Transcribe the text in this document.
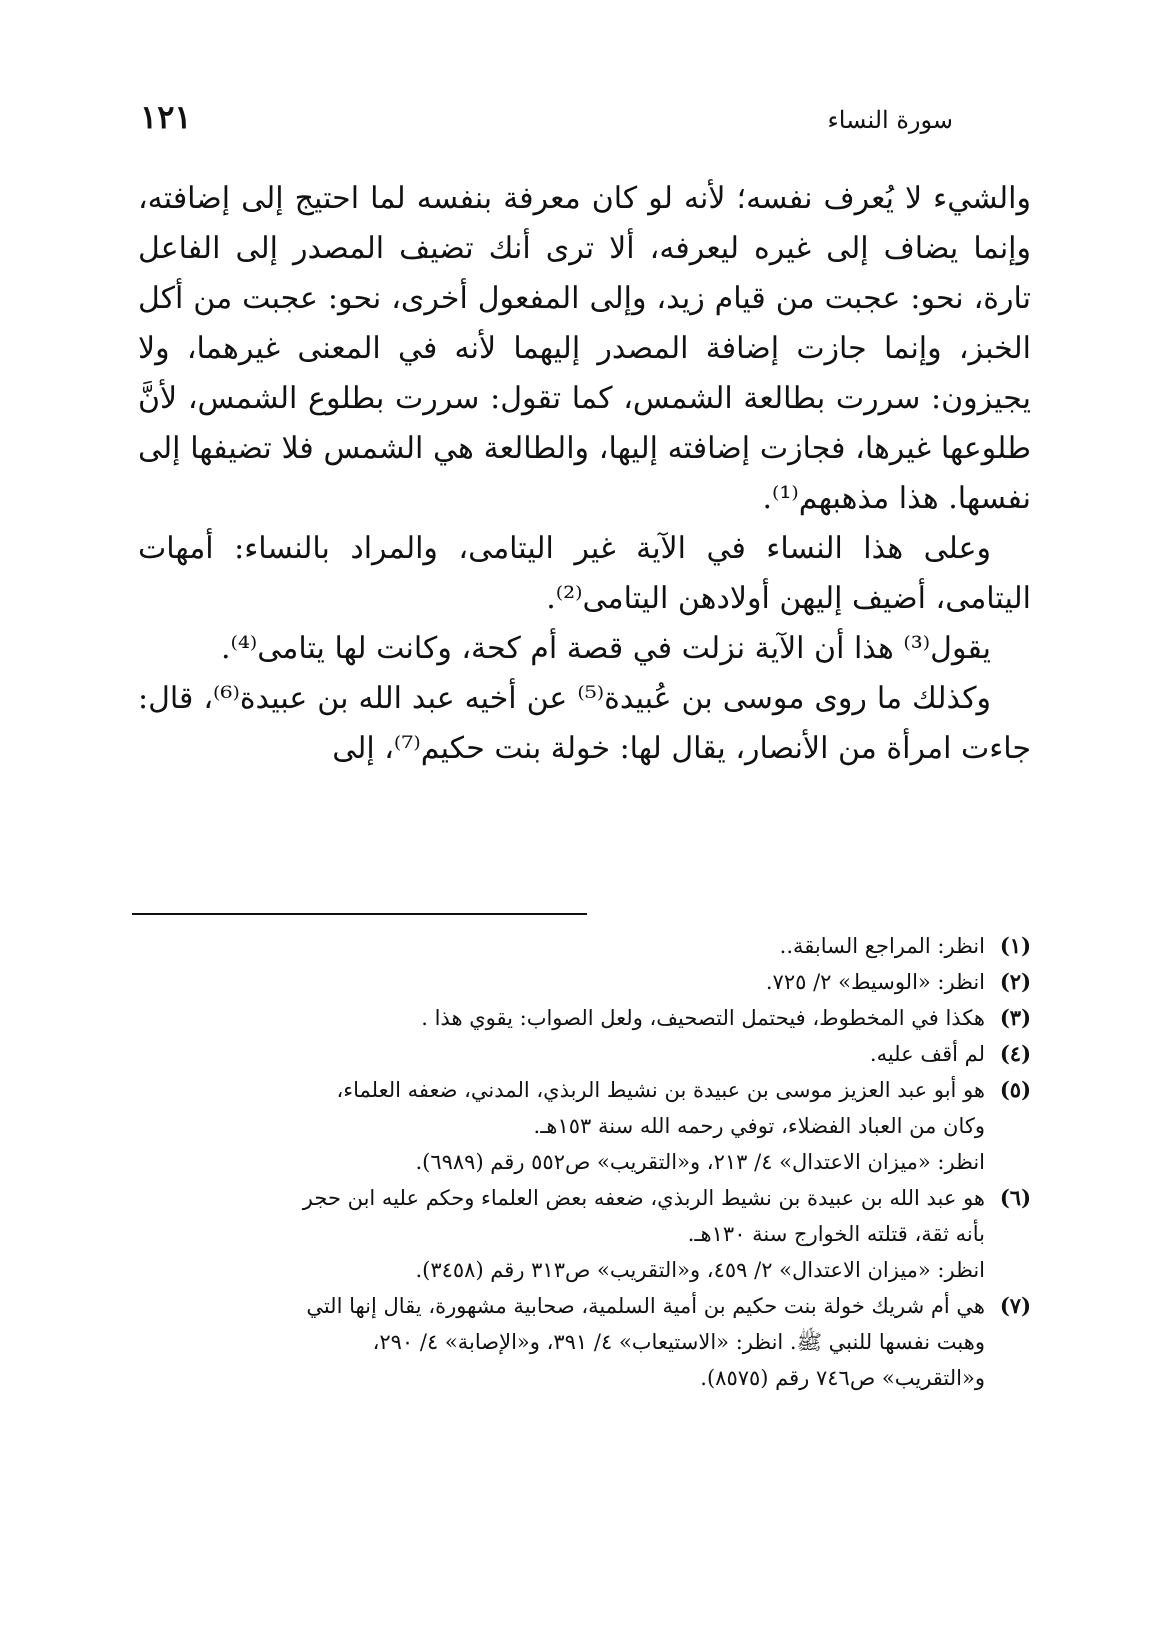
سورة النساء
١٢١

والشيء لا يُعرف نفسه؛ لأنه لو كان معرفة بنفسه لما احتيج إلى إضافته، وإنما يضاف إلى غيره ليعرفه، ألا ترى أنك تضيف المصدر إلى الفاعل تارة، نحو: عجبت من قيام زيد، وإلى المفعول أخرى، نحو: عجبت من أكل الخبز، وإنما جازت إضافة المصدر إليهما لأنه في المعنى غيرهما، ولا يجيزون: سررت بطالعة الشمس، كما تقول: سررت بطلوع الشمس، لأنَّ طلوعها غيرها، فجازت إضافته إليها، والطالعة هي الشمس فلا تضيفها إلى نفسها. هذا مذهبهم⁽¹⁾.

وعلى هذا النساء في الآية غير اليتامى، والمراد بالنساء: أمهات اليتامى، أضيف إليهن أولادهن اليتامى⁽²⁾.

يقول⁽³⁾ هذا أن الآية نزلت في قصة أم كحة، وكانت لها يتامى⁽⁴⁾.

وكذلك ما روى موسى بن عُبيدة⁽⁵⁾ عن أخيه عبد الله بن عبيدة⁽⁶⁾، قال: جاءت امرأة من الأنصار، يقال لها: خولة بنت حكيم⁽⁷⁾، إلى

(١)
انظر: المراجع السابقة..
(٢)
انظر: «الوسيط» ٢/ ٧٢٥.
(٣)
هكذا في المخطوط، فيحتمل التصحيف، ولعل الصواب: يقوي هذا .
(٤)
لم أقف عليه.
(٥)
هو أبو عبد العزيز موسى بن عبيدة بن نشيط الربذي، المدني، ضعفه العلماء،
وكان من العباد الفضلاء، توفي رحمه الله سنة ١٥٣هـ.
انظر: «ميزان الاعتدال» ٤/ ٢١٣، و«التقريب» ص٥٥٢ رقم (٦٩٨٩).
(٦)
هو عبد الله بن عبيدة بن نشيط الربذي، ضعفه بعض العلماء وحكم عليه ابن حجر
بأنه ثقة، قتلته الخوارج سنة ١٣٠هـ.
انظر: «ميزان الاعتدال» ٢/ ٤٥٩، و«التقريب» ص٣١٣ رقم (٣٤٥٨).
(٧)
هي أم شريك خولة بنت حكيم بن أمية السلمية، صحابية مشهورة، يقال إنها التي
وهبت نفسها للنبي ﷺ. انظر: «الاستيعاب» ٤/ ٣٩١، و«الإصابة» ٤/ ٢٩٠،
و«التقريب» ص٧٤٦ رقم (٨٥٧٥).
